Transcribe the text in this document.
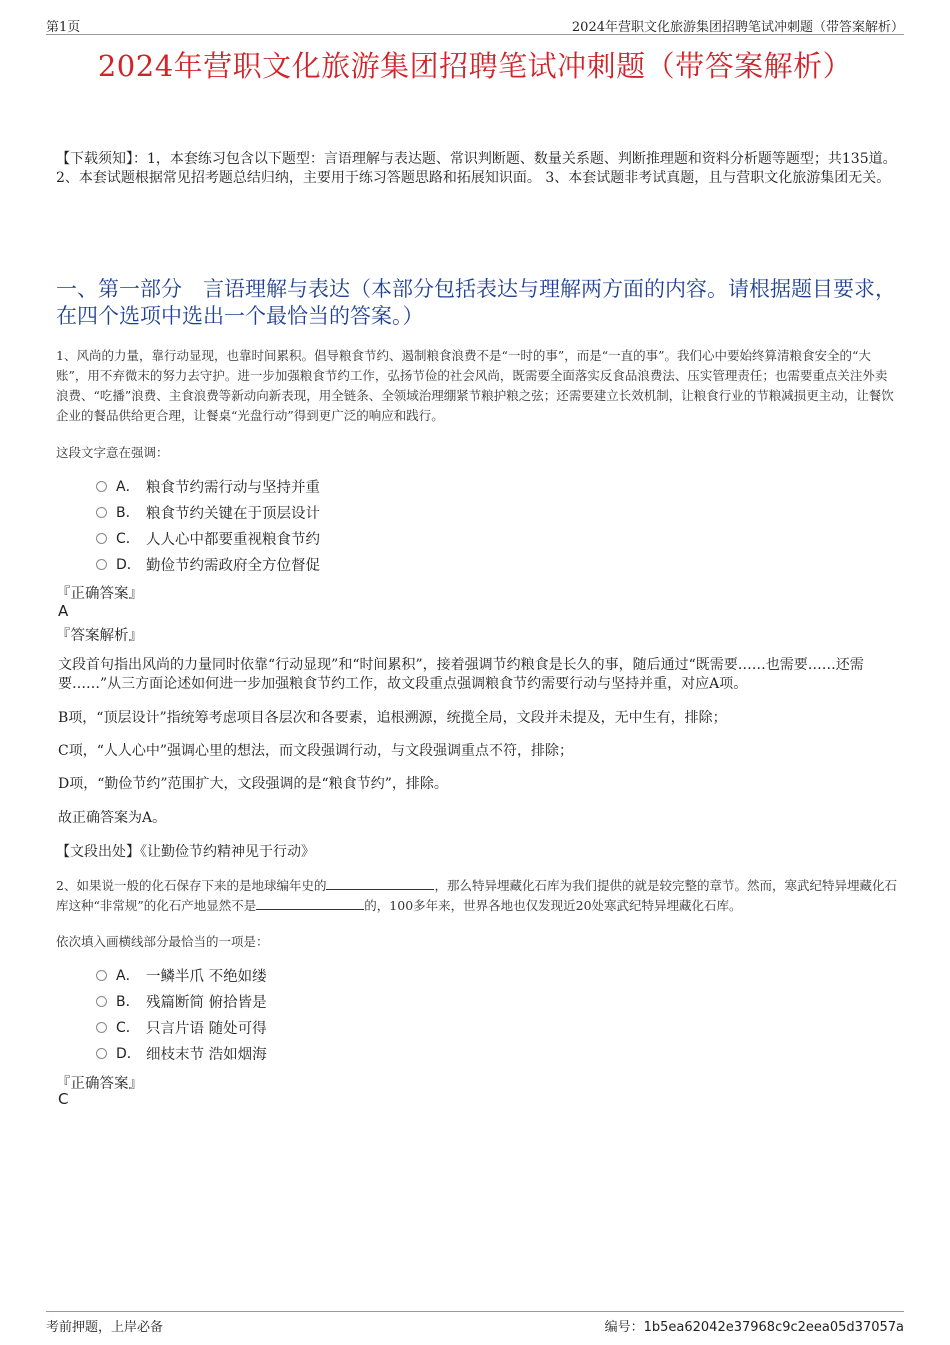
第1页	2024年营职文化旅游集团招聘笔试冲刺题（带答案解析）
2024年营职文化旅游集团招聘笔试冲刺题（带答案解析）
【下载须知】：1，本套练习包含以下题型：言语理解与表达题、常识判断题、数量关系题、判断推理题和资料分析题等题型；共135道。 2、本套试题根据常见招考题总结归纳，主要用于练习答题思路和拓展知识面。 3、本套试题非考试真题，且与营职文化旅游集团无关。
一、第一部分　言语理解与表达（本部分包括表达与理解两方面的内容。请根据题目要求，在四个选项中选出一个最恰当的答案。）
1、风尚的力量，靠行动显现，也靠时间累积。倡导粮食节约、遏制粮食浪费不是“一时的事”，而是“一直的事”。我们心中要始终算清粮食安全的“大账”，用不弃微末的努力去守护。进一步加强粮食节约工作，弘扬节俭的社会风尚，既需要全面落实反食品浪费法、压实管理责任；也需要重点关注外卖浪费、“吃播”浪费、主食浪费等新动向新表现，用全链条、全领域治理绷紧节粮护粮之弦；还需要建立长效机制，让粮食行业的节粮减损更主动，让餐饮企业的餐品供给更合理，让餐桌“光盘行动”得到更广泛的响应和践行。
这段文字意在强调：
A． 粮食节约需行动与坚持并重
B． 粮食节约关键在于顶层设计
C． 人人心中都要重视粮食节约
D． 勤俭节约需政府全方位督促
『正确答案』
A
『答案解析』
文段首句指出风尚的力量同时依靠“行动显现”和“时间累积”，接着强调节约粮食是长久的事，随后通过“既需要……也需要……还需要……”从三方面论述如何进一步加强粮食节约工作，故文段重点强调粮食节约需要行动与坚持并重，对应A项。
B项，“顶层设计”指统筹考虑项目各层次和各要素，追根溯源，统揽全局，文段并未提及，无中生有，排除；
C项，“人人心中”强调心里的想法，而文段强调行动，与文段强调重点不符，排除；
D项，“勤俭节约”范围扩大，文段强调的是“粮食节约”，排除。
故正确答案为A。
【文段出处】《让勤俭节约精神见于行动》
2、如果说一般的化石保存下来的是地球编年史的	，那么特异埋藏化石库为我们提供的就是较完整的章节。然而，寒武纪特异埋藏化石库这种“非常规”的化石产地显然不是	的，100多年来，世界各地也仅发现近20处寒武纪特异埋藏化石库。
依次填入画横线部分最恰当的一项是：
A． 一鳞半爪 不绝如缕
B． 残篇断简 俯拾皆是
C． 只言片语 随处可得
D． 细枝末节 浩如烟海
『正确答案』
C
考前押题，上岸必备	编号：1b5ea62042e37968c9c2eea05d37057a
